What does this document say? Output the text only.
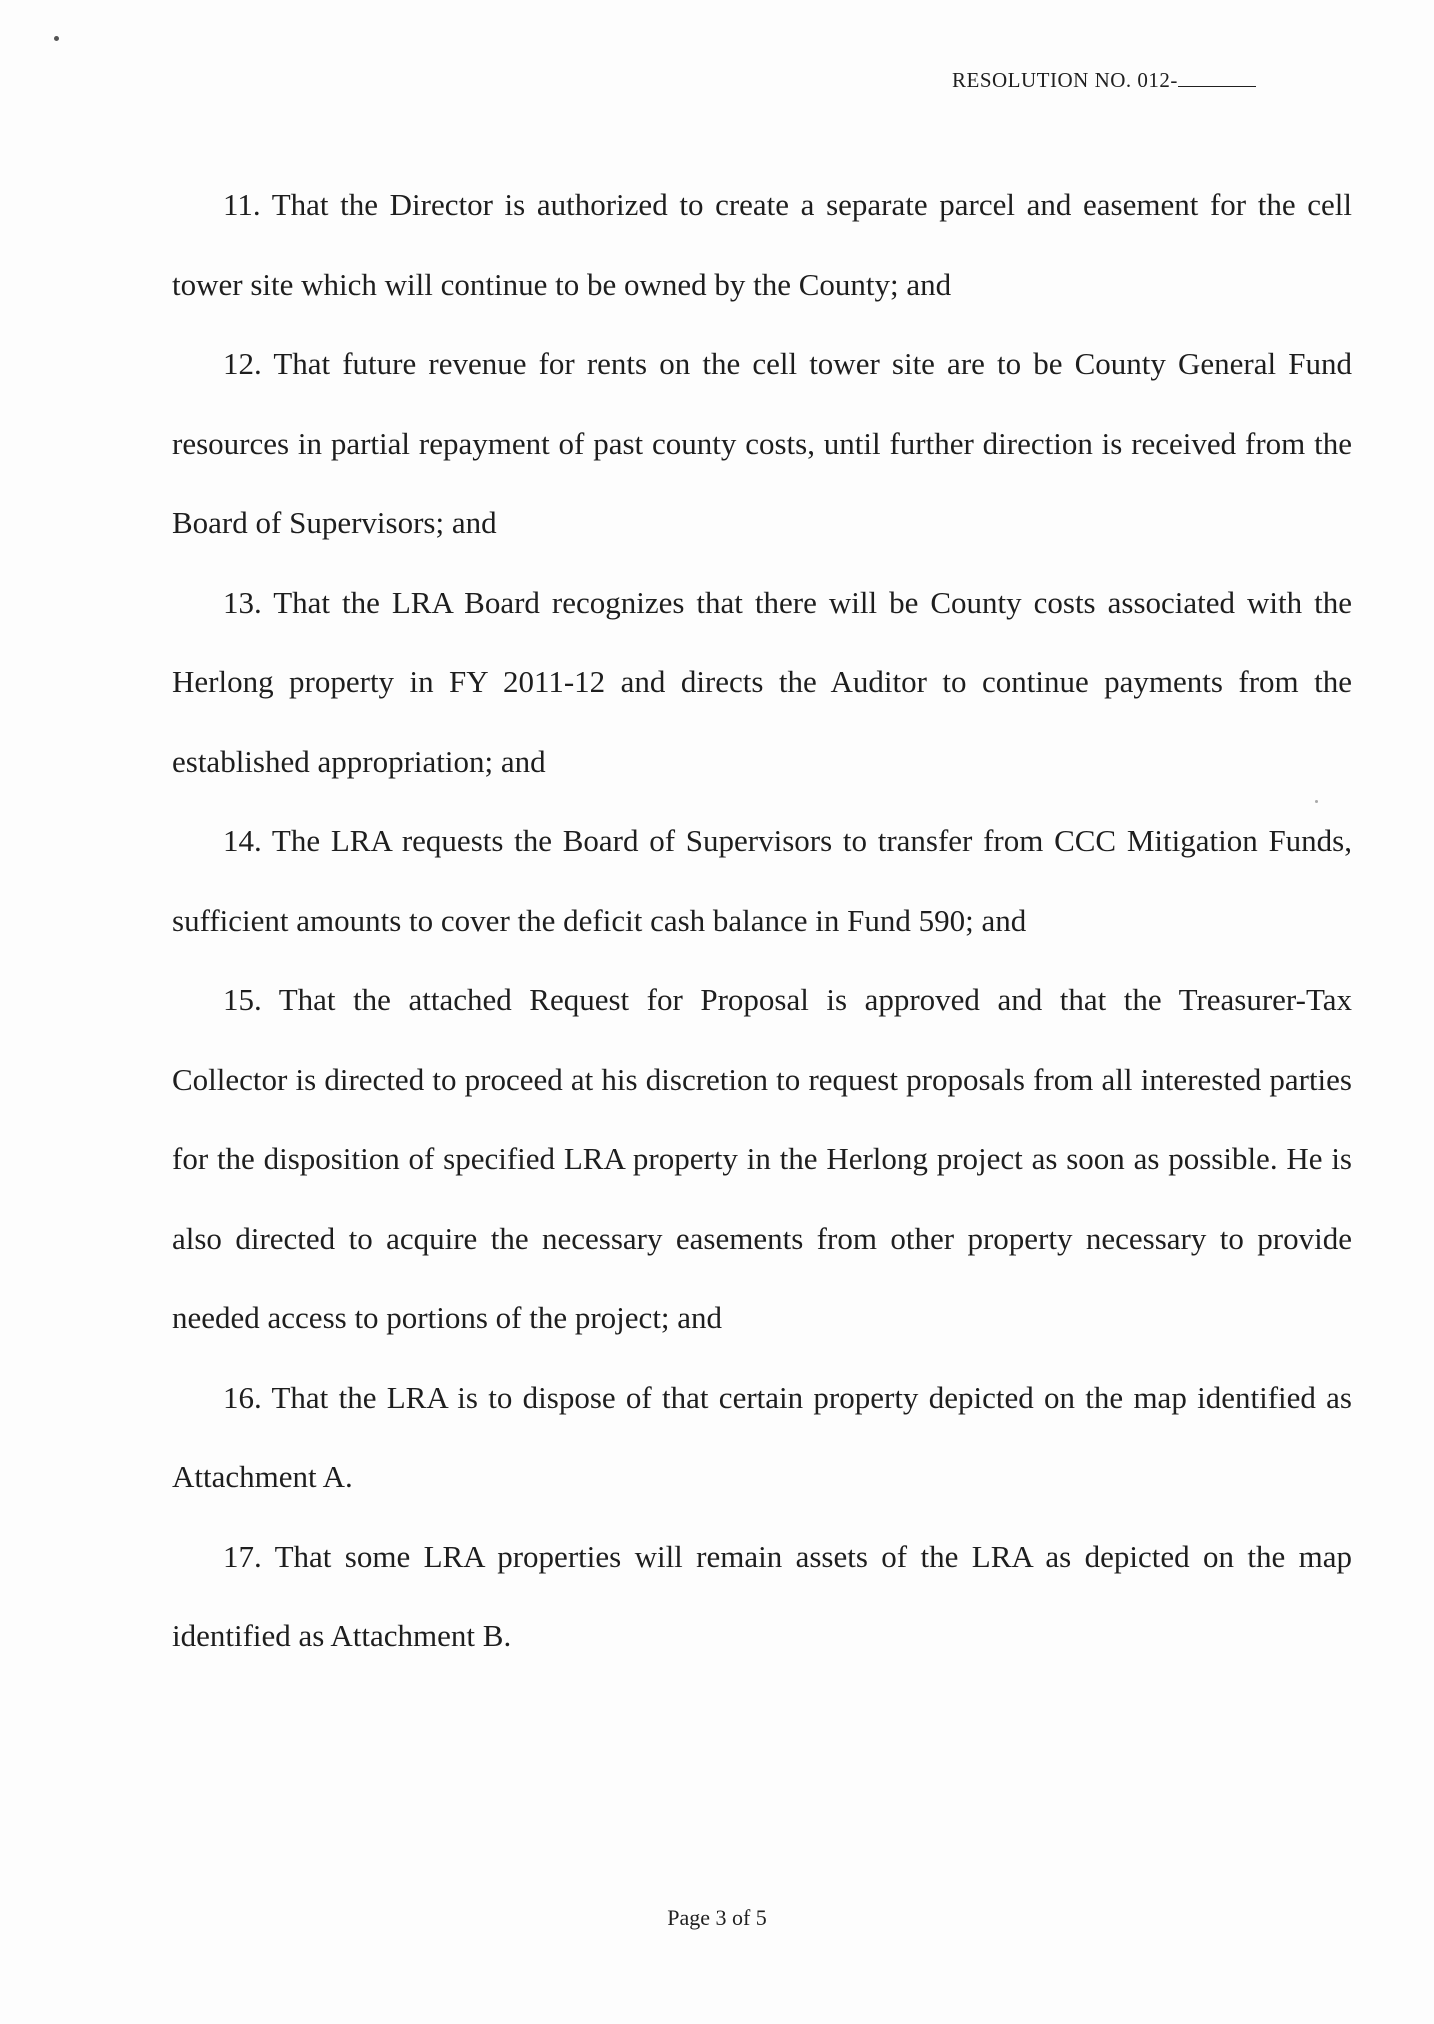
RESOLUTION NO. 012-

11. That the Director is authorized to create a separate parcel and easement for the cell tower site which will continue to be owned by the County; and

12. That future revenue for rents on the cell tower site are to be County General Fund resources in partial repayment of past county costs, until further direction is received from the Board of Supervisors; and

13. That the LRA Board recognizes that there will be County costs associated with the Herlong property in FY 2011-12 and directs the Auditor to continue payments from the established appropriation; and

14. The LRA requests the Board of Supervisors to transfer from CCC Mitigation Funds, sufficient amounts to cover the deficit cash balance in Fund 590; and

15. That the attached Request for Proposal is approved and that the Treasurer-Tax Collector is directed to proceed at his discretion to request proposals from all interested parties for the disposition of specified LRA property in the Herlong project as soon as possible. He is also directed to acquire the necessary easements from other property necessary to provide needed access to portions of the project; and

16. That the LRA is to dispose of that certain property depicted on the map identified as Attachment A.

17. That some LRA properties will remain assets of the LRA as depicted on the map identified as Attachment B.

Page 3 of 5
